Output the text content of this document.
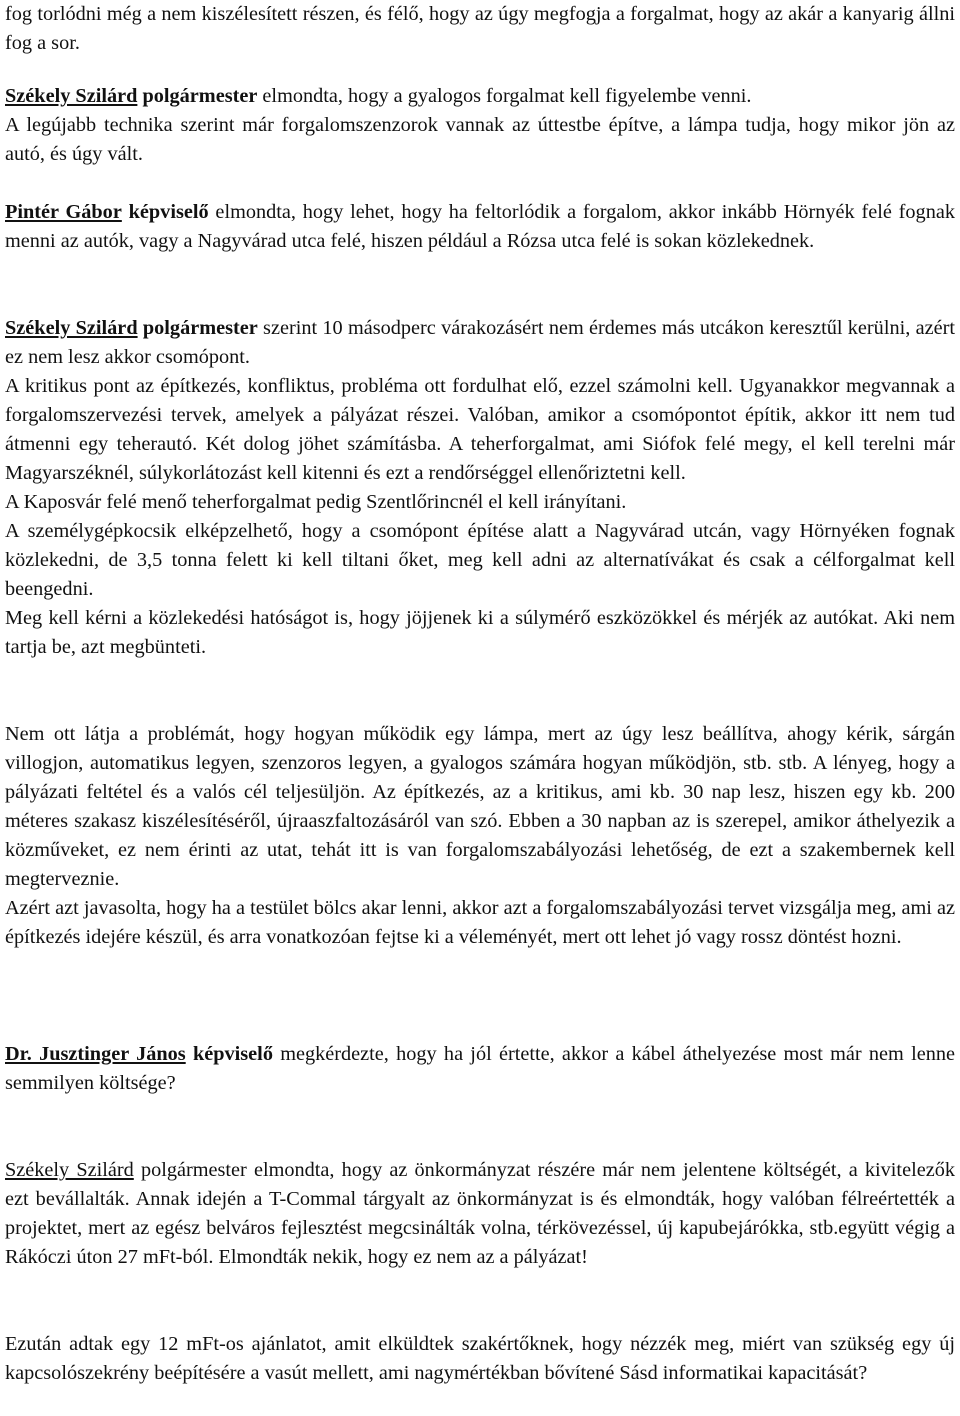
fog torlódni még a nem kiszélesített részen, és félő, hogy az úgy megfogja a forgalmat, hogy az akár a kanyarig állni fog a sor.

Székely Szilárd polgármester elmondta, hogy a gyalogos forgalmat kell figyelembe venni.
A legújabb technika szerint már forgalomszenzorok vannak az úttestbe építve, a lámpa tudja, hogy mikor jön az autó, és úgy vált.

Pintér Gábor képviselő elmondta, hogy lehet, hogy ha feltorlódik a forgalom, akkor inkább Hörnyék felé fognak menni az autók, vagy a Nagyvárad utca felé, hiszen például a Rózsa utca felé is sokan közlekednek.

Székely Szilárd polgármester szerint 10 másodperc várakozásért nem érdemes más utcákon keresztűl kerülni, azért ez nem lesz akkor csomópont.
A kritikus pont az építkezés, konfliktus, probléma ott fordulhat elő, ezzel számolni kell. Ugyanakkor megvannak a forgalomszervezési tervek, amelyek a pályázat részei. Valóban, amikor a csomópontot építik, akkor itt nem tud átmenni egy teherautó. Két dolog jöhet számításba. A teherforgalmat, ami Siófok felé megy, el kell terelni már Magyarszéknél, súlykorlátozást kell kitenni és ezt a rendőrséggel ellenőriztetni kell.
A Kaposvár felé menő teherforgalmat pedig Szentlőrincnél el kell irányítani.
A személygépkocsik elképzelhető, hogy a csomópont építése alatt a Nagyvárad utcán, vagy Hörnyéken fognak közlekedni, de 3,5 tonna felett ki kell tiltani őket, meg kell adni az alternatívákat és csak a célforgalmat kell beengedni.
Meg kell kérni a közlekedési hatóságot is, hogy jöjjenek ki a súlymérő eszközökkel és mérjék az autókat. Aki nem tartja be, azt megbünteti.

Nem ott látja a problémát, hogy hogyan működik egy lámpa, mert az úgy lesz beállítva, ahogy kérik, sárgán villogjon, automatikus legyen, szenzoros legyen, a gyalogos számára hogyan működjön, stb. stb. A lényeg, hogy a pályázati feltétel és a valós cél teljesüljön. Az építkezés, az a kritikus, ami kb. 30 nap lesz, hiszen egy kb. 200 méteres szakasz kiszélesítéséről, újraaszfaltozásáról van szó. Ebben a 30 napban az is szerepel, amikor áthelyezik a közműveket, ez nem érinti az utat, tehát itt is van forgalomszabályozási lehetőség, de ezt a szakembernek kell megterveznie.
Azért azt javasolta, hogy ha a testület bölcs akar lenni, akkor azt a forgalomszabályozási tervet vizsgálja meg, ami az építkezés idejére készül, és arra vonatkozóan fejtse ki a véleményét, mert ott lehet jó vagy rossz döntést hozni.

Dr. Jusztinger János képviselő megkérdezte, hogy ha jól értette, akkor a kábel áthelyezése most már nem lenne semmilyen költsége?

Székely Szilárd polgármester elmondta, hogy az önkormányzat részére már nem jelentene költségét, a kivitelezők ezt bevállalták. Annak idején a T-Commal tárgyalt az önkormányzat is és elmondták, hogy valóban félreértették a projektet, mert az egész belváros fejlesztést megcsinálták volna, térkövezéssel, új kapubejárókka, stb.együtt végig a Rákóczi úton 27 mFt-ból. Elmondták nekik, hogy ez nem az a pályázat!

Ezután adtak egy 12 mFt-os ajánlatot, amit elküldtek szakértőknek, hogy nézzék meg, miért van szükség egy új kapcsolószekrény beépítésére a vasút mellett, ami nagymértékban bővítené Sásd informatikai kapacitását?
